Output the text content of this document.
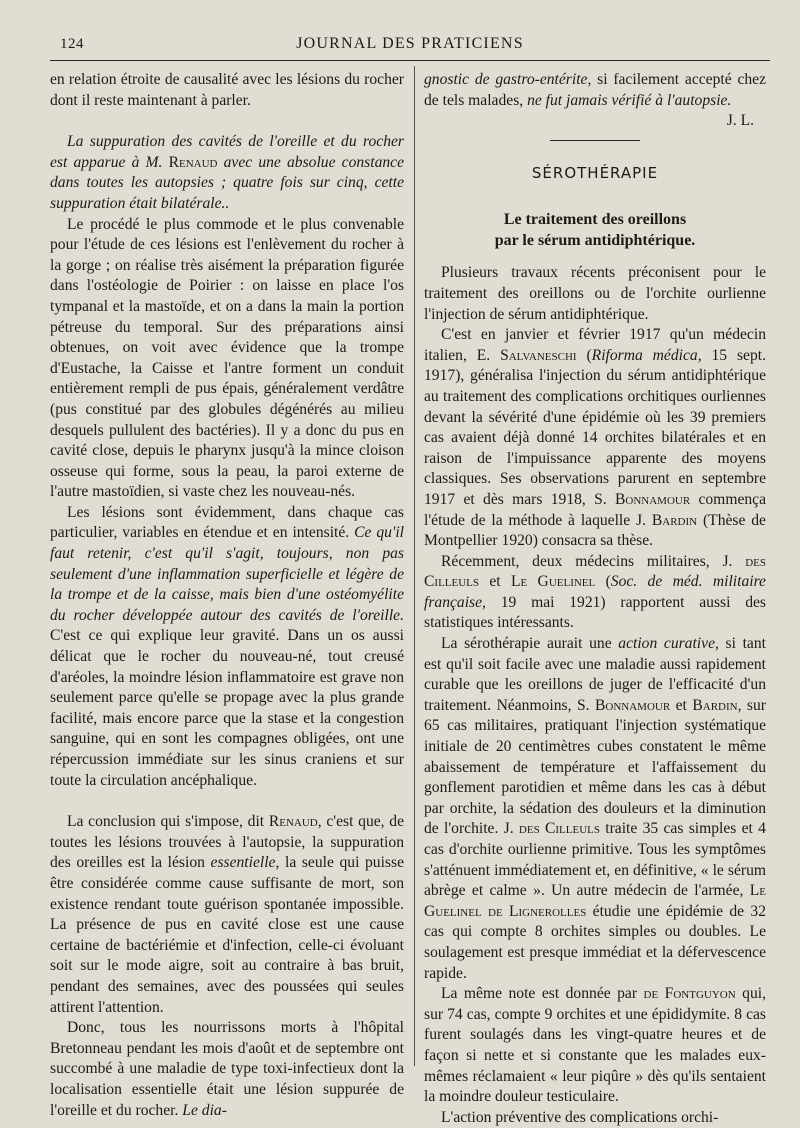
124	JOURNAL DES PRATICIENS

en relation étroite de causalité avec les lésions du rocher dont il reste maintenant à parler.

La suppuration des cavités de l'oreille et du rocher est apparue à M. Renaud avec une absolue constance dans toutes les autopsies ; quatre fois sur cinq, cette suppuration était bilatérale..

Le procédé le plus commode et le plus convenable pour l'étude de ces lésions est l'enlèvement du rocher à la gorge ; on réalise très aisément la préparation figurée dans l'ostéologie de Poirier : on laisse en place l'os tympanal et la mastoïde, et on a dans la main la portion pétreuse du temporal. Sur des préparations ainsi obtenues, on voit avec évidence que la trompe d'Eustache, la Caisse et l'antre forment un conduit entièrement rempli de pus épais, généralement verdâtre (pus constitué par des globules dégénérés au milieu desquels pullulent des bactéries). Il y a donc du pus en cavité close, depuis le pharynx jusqu'à la mince cloison osseuse qui forme, sous la peau, la paroi externe de l'autre mastoïdien, si vaste chez les nouveau-nés.

Les lésions sont évidemment, dans chaque cas particulier, variables en étendue et en intensité. Ce qu'il faut retenir, c'est qu'il s'agit, toujours, non pas seulement d'une inflammation superficielle et légère de la trompe et de la caisse, mais bien d'une ostéomyélite du rocher développée autour des cavités de l'oreille. C'est ce qui explique leur gravité. Dans un os aussi délicat que le rocher du nouveau-né, tout creusé d'aréoles, la moindre lésion inflammatoire est grave non seulement parce qu'elle se propage avec la plus grande facilité, mais encore parce que la stase et la congestion sanguine, qui en sont les compagnes obligées, ont une répercussion immédiate sur les sinus craniens et sur toute la circulation ancéphalique.

La conclusion qui s'impose, dit Renaud, c'est que, de toutes les lésions trouvées à l'autopsie, la suppuration des oreilles est la lésion essentielle, la seule qui puisse être considérée comme cause suffisante de mort, son existence rendant toute guérison spontanée impossible. La présence de pus en cavité close est une cause certaine de bactériémie et d'infection, celle-ci évoluant soit sur le mode aigre, soit au contraire à bas bruit, pendant des semaines, avec des poussées qui seules attirent l'attention.

Donc, tous les nourrissons morts à l'hôpital Bretonneau pendant les mois d'août et de septembre ont succombé à une maladie de type toxi-infectieux dont la localisation essentielle était une lésion suppurée de l'oreille et du rocher. Le dia-

gnostic de gastro-entérite, si facilement accepté chez de tels malades, ne fut jamais vérifié à l'autopsie.

J. L.
SÉROTHÉRAPIE
Le traitement des oreillons
par le sérum antidiphtérique.

Plusieurs travaux récents préconisent pour le traitement des oreillons ou de l'orchite ourlienne l'injection de sérum antidiphtérique.

C'est en janvier et février 1917 qu'un médecin italien, E. Salvaneschi (Riforma médica, 15 sept. 1917), généralisa l'injection du sérum antidiphtérique au traitement des complications orchitiques ourliennes devant la sévérité d'une épidémie où les 39 premiers cas avaient déjà donné 14 orchites bilatérales et en raison de l'impuissance apparente des moyens classiques. Ses observations parurent en septembre 1917 et dès mars 1918, S. Bonnamour commença l'étude de la méthode à laquelle J. Bardin (Thèse de Montpellier 1920) consacra sa thèse.

Récemment, deux médecins militaires, J. des Cilleuls et Le Guelinel (Soc. de méd. militaire française, 19 mai 1921) rapportent aussi des statistiques intéressants.

La sérothérapie aurait une action curative, si tant est qu'il soit facile avec une maladie aussi rapidement curable que les oreillons de juger de l'efficacité d'un traitement. Néanmoins, S. Bonnamour et Bardin, sur 65 cas militaires, pratiquant l'injection systématique initiale de 20 centimètres cubes constatent le même abaissement de température et l'affaissement du gonflement parotidien et même dans les cas à début par orchite, la sédation des douleurs et la diminution de l'orchite. J. des Cilleuls traite 35 cas simples et 4 cas d'orchite ourlienne primitive. Tous les symptômes s'atténuent immédiatement et, en définitive, « le sérum abrège et calme ». Un autre médecin de l'armée, Le Guelinel de Lignerolles étudie une épidémie de 32 cas qui compte 8 orchites simples ou doubles. Le soulagement est presque immédiat et la défervescence rapide.

La même note est donnée par de Fontguyon qui, sur 74 cas, compte 9 orchites et une épididymite. 8 cas furent soulagés dans les vingt-quatre heures et de façon si nette et si constante que les malades eux-mêmes réclamaient « leur piqûre » dès qu'ils sentaient la moindre douleur testiculaire.

L'action préventive des complications orchi-
